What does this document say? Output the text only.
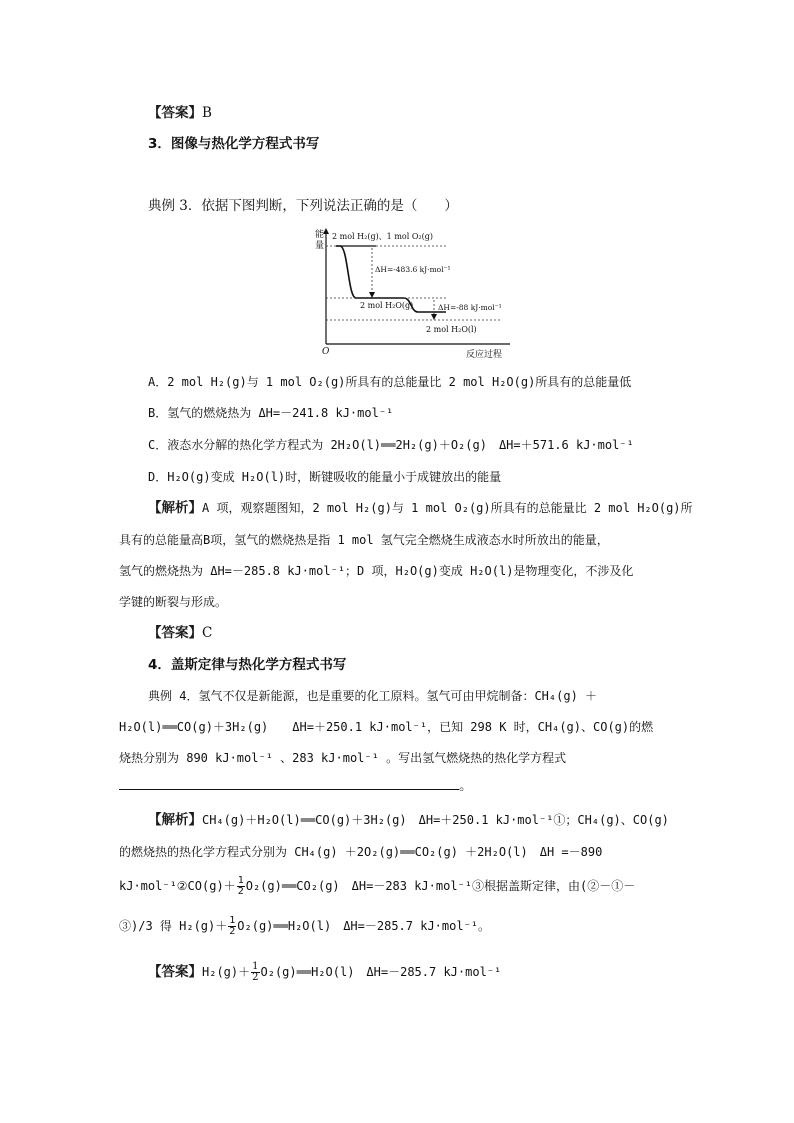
【答案】B
3．图像与热化学方程式书写
典例 3．依据下图判断，下列说法正确的是（　　）
能
量
O	反应过程
2 mol H₂(g)、1 mol O₂(g)
ΔH=-483.6 kJ·mol⁻¹
2 mol H₂O(g)	ΔH=-88 kJ·mol⁻¹
2 mol H₂O(l)
A．2 mol H₂(g)与 1 mol O₂(g)所具有的总能量比 2 mol H₂O(g)所具有的总能量低
B．氢气的燃烧热为 ΔH=－241.8 kJ·mol⁻¹
C．液态水分解的热化学方程式为 2H₂O(l)══2H₂(g)＋O₂(g)　ΔH=＋571.6 kJ·mol⁻¹
D．H₂O(g)变成 H₂O(l)时，断键吸收的能量小于成键放出的能量
【解析】A 项，观察题图知，2 mol H₂(g)与 1 mol O₂(g)所具有的总能量比 2 mol H₂O(g)所
具有的总能量高B项，氢气的燃烧热是指 1 mol 氢气完全燃烧生成液态水时所放出的能量，
氢气的燃烧热为 ΔH=－285.8 kJ·mol⁻¹；D 项，H₂O(g)变成 H₂O(l)是物理变化，不涉及化
学键的断裂与形成。
【答案】C
4．盖斯定律与热化学方程式书写
典例 4．氢气不仅是新能源，也是重要的化工原料。氢气可由甲烷制备：CH₄(g) ＋
H₂O(l)══CO(g)＋3H₂(g)　　ΔH=＋250.1 kJ·mol⁻¹，已知 298 K 时，CH₄(g)、CO(g)的燃
烧热分别为 890 kJ·mol⁻¹ 、283 kJ·mol⁻¹ 。写出氢气燃烧热的热化学方程式
。
【解析】CH₄(g)＋H₂O(l)══CO(g)＋3H₂(g)　ΔH=＋250.1 kJ·mol⁻¹①；CH₄(g)、CO(g)
的燃烧热的热化学方程式分别为 CH₄(g) ＋2O₂(g)══CO₂(g) ＋2H₂O(l)　ΔH =－890
kJ·mol⁻¹②CO(g)＋ $\frac{1}{2}$ O₂(g)══CO₂(g)　ΔH=－283 kJ·mol⁻¹③根据盖斯定律，由(②－①－
③)/3 得 $H_2(g)+ \frac{1}{2}$ O₂(g)══H₂O(l)　ΔH=－285.7 kJ·mol⁻¹。
【答案】$H_2(g)+ \frac{1}{2}$ O₂(g)══H₂O(l)　ΔH=－285.7 kJ·mol⁻¹
